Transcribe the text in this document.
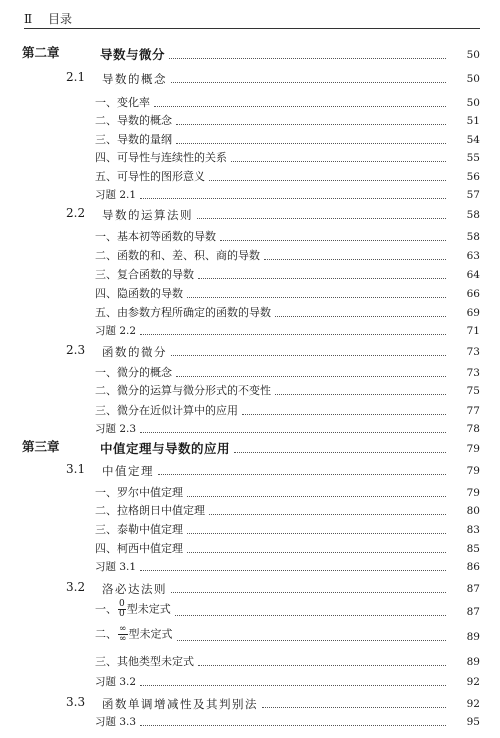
Ⅱ 目录
第二章	导数与微分	50
2.1 导数的概念	50
一、变化率	50
二、导数的概念	51
三、导数的量纲	54
四、可导性与连续性的关系	55
五、可导性的图形意义	56
习题 2.1	57
2.2 导数的运算法则	58
一、基本初等函数的导数	58
二、函数的和、差、积、商的导数	63
三、复合函数的导数	64
四、隐函数的导数	66
五、由参数方程所确定的函数的导数	69
习题 2.2	71
2.3 函数的微分	73
一、微分的概念	73
二、微分的运算与微分形式的不变性	75
三、微分在近似计算中的应用	77
习题 2.3	78
第三章	中值定理与导数的应用	79
3.1 中值定理	79
一、罗尔中值定理	79
二、拉格朗日中值定理	80
三、泰勒中值定理	83
四、柯西中值定理	85
习题 3.1	86
3.2 洛必达法则	87
一、 $\frac{0}{0}$ 型未定式	87
二、 $\frac{\infty}{\infty}$ 型未定式	89
三、其他类型未定式	89
习题 3.2	92
3.3 函数单调增减性及其判别法	92
习题 3.3	95
